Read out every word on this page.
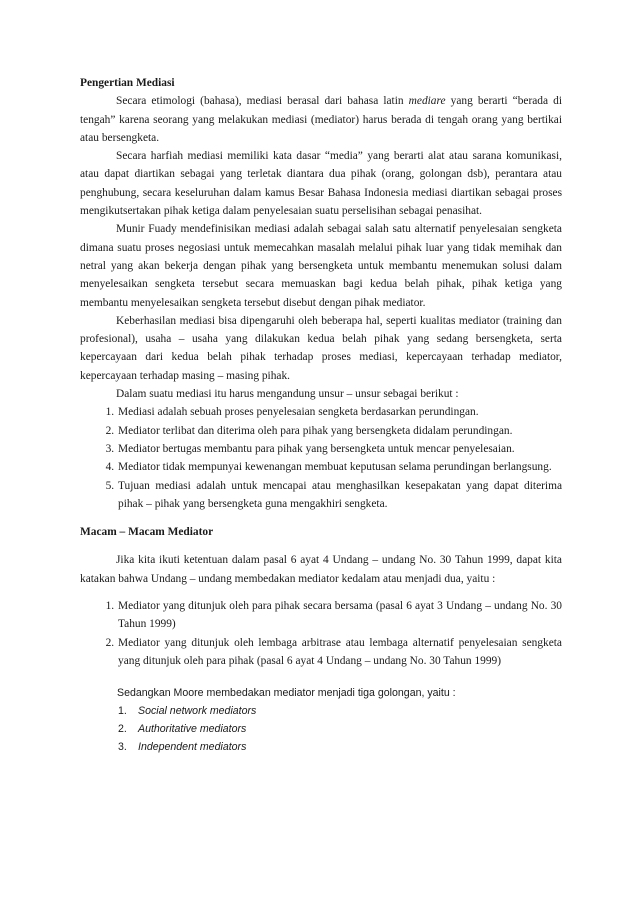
Pengertian Mediasi

Secara etimologi (bahasa), mediasi berasal dari bahasa latin mediare yang berarti “berada di tengah” karena seorang yang melakukan mediasi (mediator) harus berada di tengah orang yang bertikai atau bersengketa.

Secara harfiah mediasi memiliki kata dasar “media” yang berarti alat atau sarana komunikasi, atau dapat diartikan sebagai yang terletak diantara dua pihak (orang, golongan dsb), perantara atau penghubung, secara keseluruhan dalam kamus Besar Bahasa Indonesia mediasi diartikan sebagai proses mengikutsertakan pihak ketiga dalam penyelesaian suatu perselisihan sebagai penasihat.

Munir Fuady mendefinisikan mediasi adalah sebagai salah satu alternatif penyelesaian sengketa dimana suatu proses negosiasi untuk memecahkan masalah melalui pihak luar yang tidak memihak dan netral yang akan bekerja dengan pihak yang bersengketa untuk membantu menemukan solusi dalam menyelesaikan sengketa tersebut secara memuaskan bagi kedua belah pihak, pihak ketiga yang membantu menyelesaikan sengketa tersebut disebut dengan pihak mediator.

Keberhasilan mediasi bisa dipengaruhi oleh beberapa hal, seperti kualitas mediator (training dan profesional), usaha – usaha yang dilakukan kedua belah pihak yang sedang bersengketa, serta kepercayaan dari kedua belah pihak terhadap proses mediasi, kepercayaan terhadap mediator, kepercayaan terhadap masing – masing pihak.

Dalam suatu mediasi itu harus mengandung unsur – unsur sebagai berikut :

1. Mediasi adalah sebuah proses penyelesaian sengketa berdasarkan perundingan.
2. Mediator terlibat dan diterima oleh para pihak yang bersengketa didalam perundingan.
3. Mediator bertugas membantu para pihak yang bersengketa untuk mencar penyelesaian.
4. Mediator tidak mempunyai kewenangan membuat keputusan selama perundingan berlangsung.
5. Tujuan mediasi adalah untuk mencapai atau menghasilkan kesepakatan yang dapat diterima pihak – pihak yang bersengketa guna mengakhiri sengketa.
Macam – Macam Mediator

Jika kita ikuti ketentuan dalam pasal 6 ayat 4 Undang – undang No. 30 Tahun 1999, dapat kita katakan bahwa Undang – undang membedakan mediator kedalam atau menjadi dua, yaitu :

1. Mediator yang ditunjuk oleh para pihak secara bersama (pasal 6 ayat 3 Undang – undang No. 30 Tahun 1999)
2. Mediator yang ditunjuk oleh lembaga arbitrase atau lembaga alternatif penyelesaian sengketa yang ditunjuk oleh para pihak (pasal 6 ayat 4 Undang – undang No. 30 Tahun 1999)
Sedangkan Moore membedakan mediator menjadi tiga golongan, yaitu :
1.	Social network mediators
2.	Authoritative mediators
3.	Independent mediators
